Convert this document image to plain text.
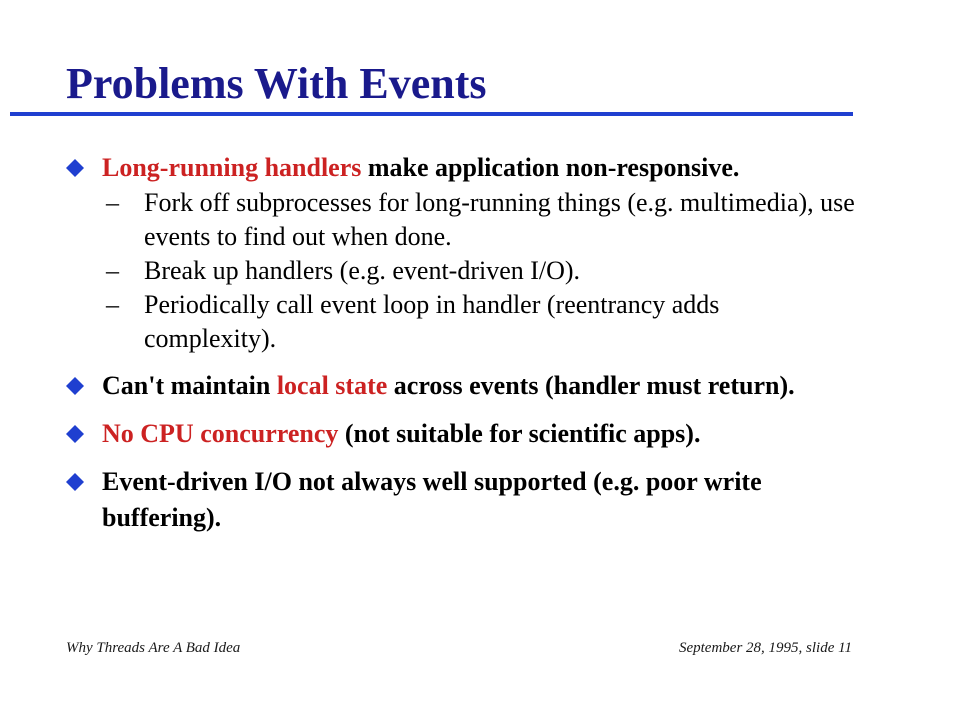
Problems With Events
Long-running handlers make application non-responsive.
– Fork off subprocesses for long-running things (e.g. multimedia), use events to find out when done.
– Break up handlers (e.g. event-driven I/O).
– Periodically call event loop in handler (reentrancy adds complexity).
Can't maintain local state across events (handler must return).
No CPU concurrency (not suitable for scientific apps).
Event-driven I/O not always well supported (e.g. poor write buffering).
Why Threads Are A Bad Idea	September 28, 1995, slide 11
